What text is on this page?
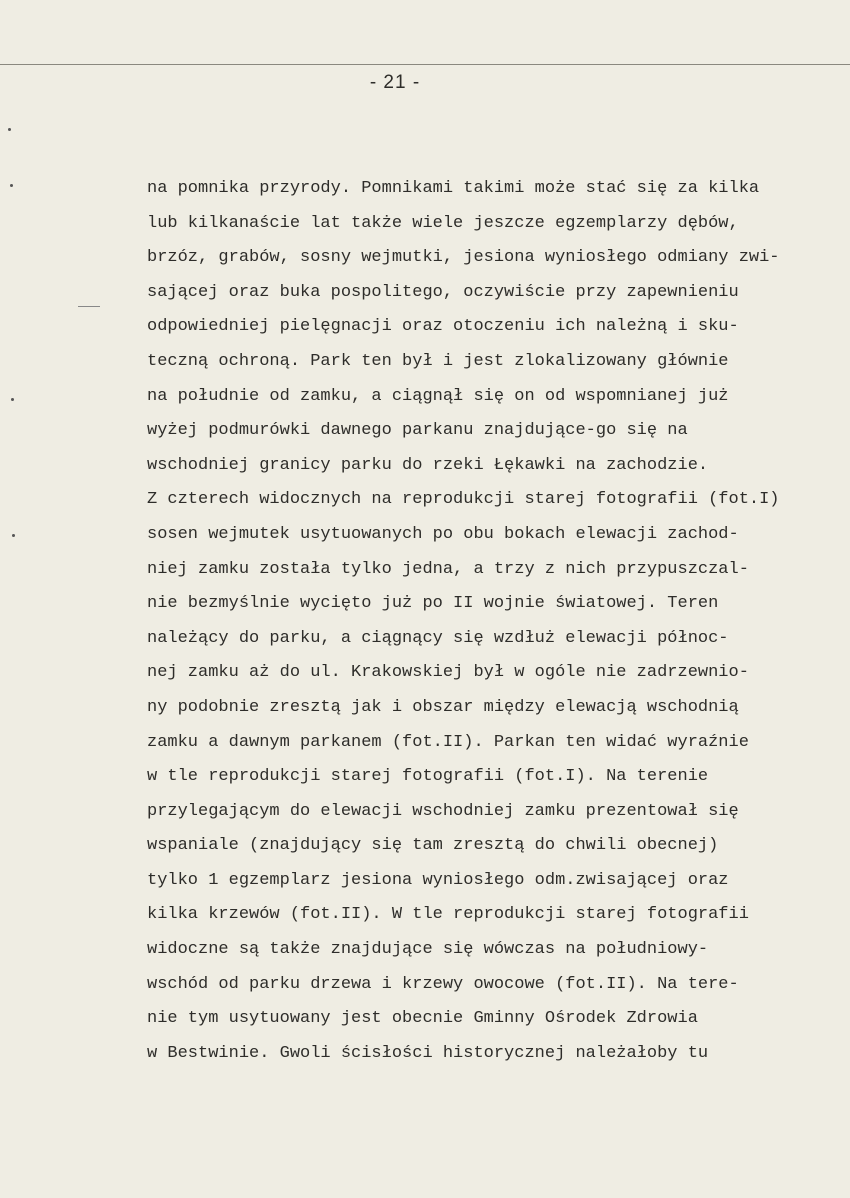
- 21 -
na pomnika przyrody. Pomnikami takimi może stać się za kilka
lub kilkanaście lat także wiele jeszcze egzemplarzy dębów,
brzóz, grabów, sosny wejmutki, jesiona wyniosłego odmiany zwi-
sającej oraz buka pospolitego, oczywiście przy zapewnieniu
odpowiedniej pielęgnacji oraz otoczeniu ich należną i sku-
teczną ochroną. Park ten był i jest zlokalizowany głównie
na południe od zamku, a ciągnął się on od wspomnianej już
wyżej podmurówki dawnego parkanu znajdujące-go się na
wschodniej granicy parku do rzeki Łękawki na zachodzie.
Z czterech widocznych na reprodukcji starej fotografii (fot.I)
sosen wejmutek usytuowanych po obu bokach elewacji zachod-
niej zamku została tylko jedna, a trzy z nich przypuszczal-
nie bezmyślnie wycięto już po II wojnie światowej. Teren
należący do parku, a ciągnący się wzdłuż elewacji północ-
nej zamku aż do ul. Krakowskiej był w ogóle nie zadrzewnio-
ny podobnie zresztą jak i obszar między elewacją wschodnią
zamku a dawnym parkanem (fot.II). Parkan ten widać wyraźnie
w tle reprodukcji starej fotografii (fot.I). Na terenie
przylegającym do elewacji wschodniej zamku prezentował się
wspaniale (znajdujący się tam zresztą do chwili obecnej)
tylko 1 egzemplarz jesiona wyniosłego odm.zwisającej oraz
kilka krzewów (fot.II). W tle reprodukcji starej fotografii
widoczne są także znajdujące się wówczas na południowy-
wschód od parku drzewa i krzewy owocowe (fot.II). Na tere-
nie tym usytuowany jest obecnie Gminny Ośrodek Zdrowia
w Bestwinie. Gwoli ścisłości historycznej należałoby tu
